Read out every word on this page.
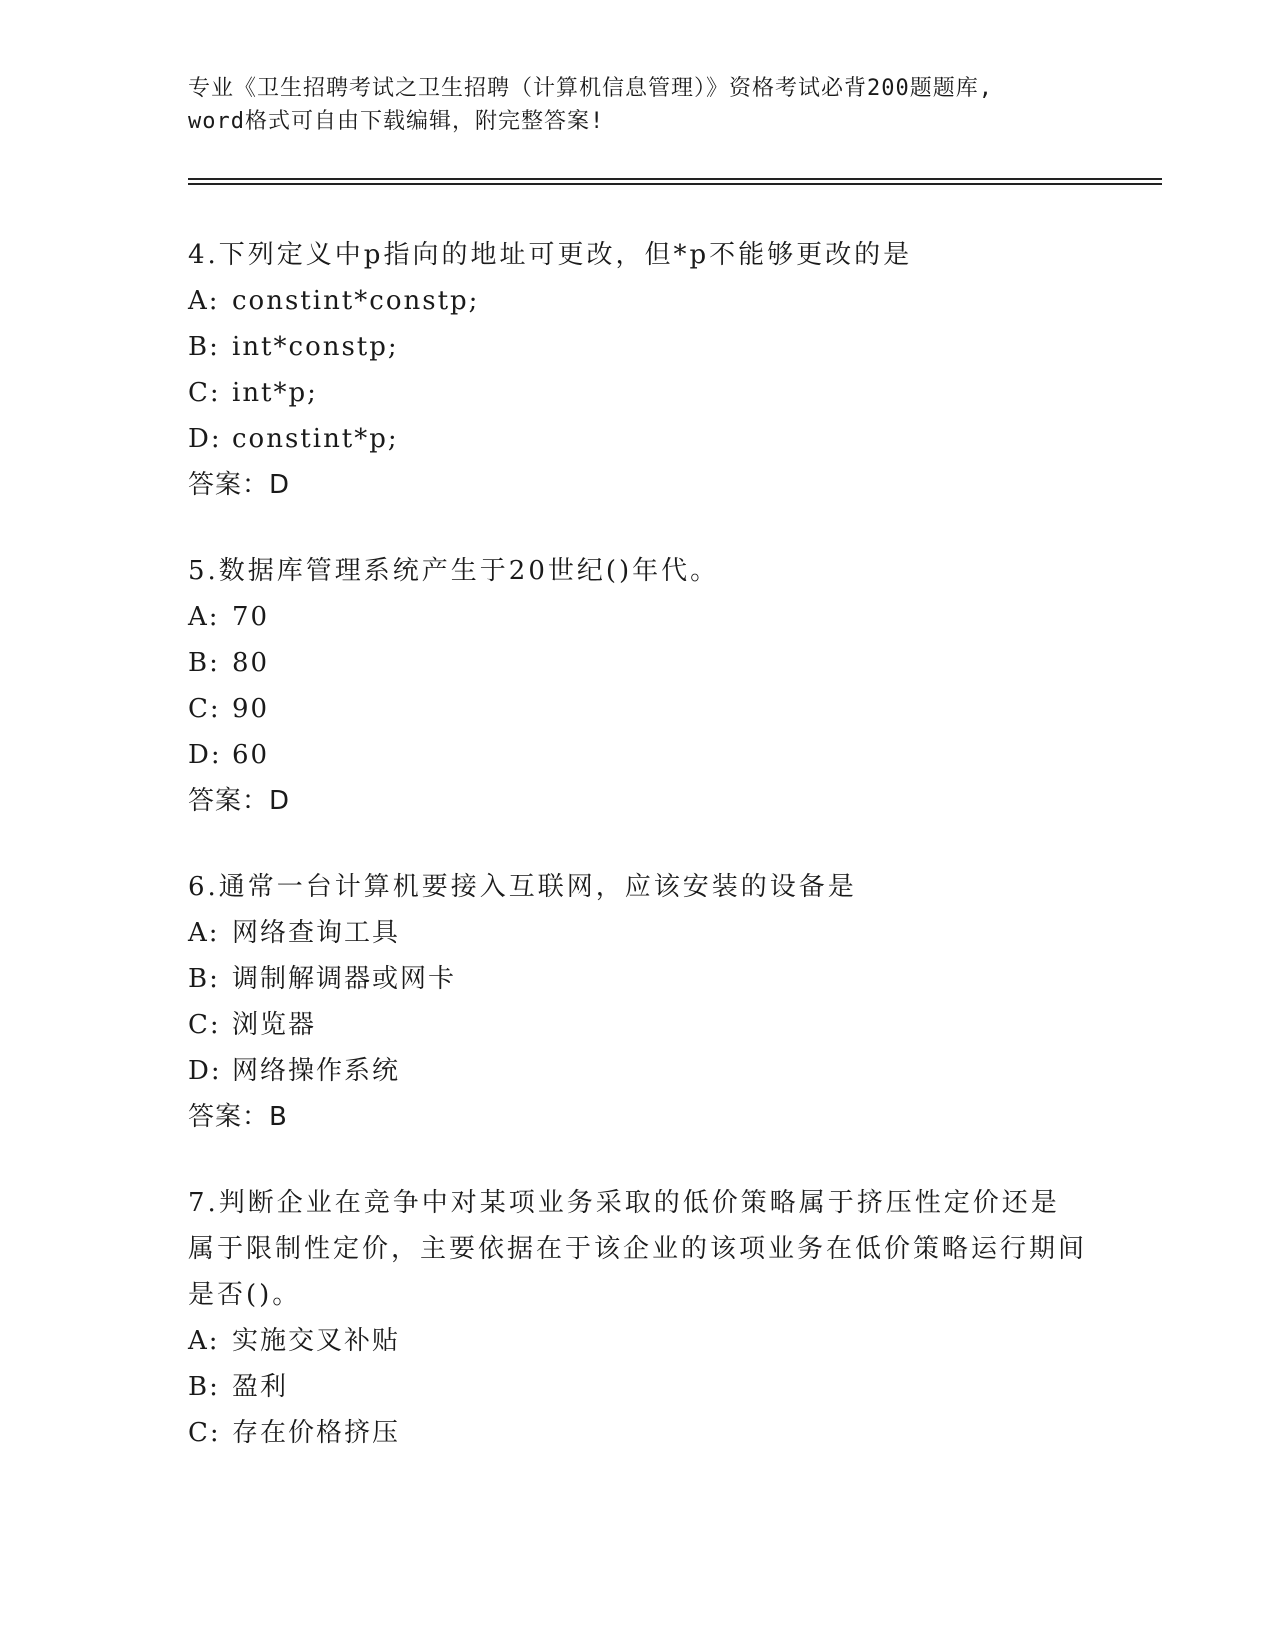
专业《卫生招聘考试之卫生招聘（计算机信息管理）》资格考试必背200题题库,
word格式可自由下载编辑，附完整答案!

4.下列定义中p指向的地址可更改，但*p不能够更改的是

A: constint*constp;
B: int*constp;
C: int*p;
D: constint*p;
答案：D

5.数据库管理系统产生于20世纪()年代。

A: 70
B: 80
C: 90
D: 60
答案：D

6.通常一台计算机要接入互联网，应该安装的设备是

A: 网络查询工具
B: 调制解调器或网卡
C: 浏览器
D: 网络操作系统
答案：B

7.判断企业在竞争中对某项业务采取的低价策略属于挤压性定价还是属于限制性定价，主要依据在于该企业的该项业务在低价策略运行期间是否()。

A: 实施交叉补贴
B: 盈利
C: 存在价格挤压
